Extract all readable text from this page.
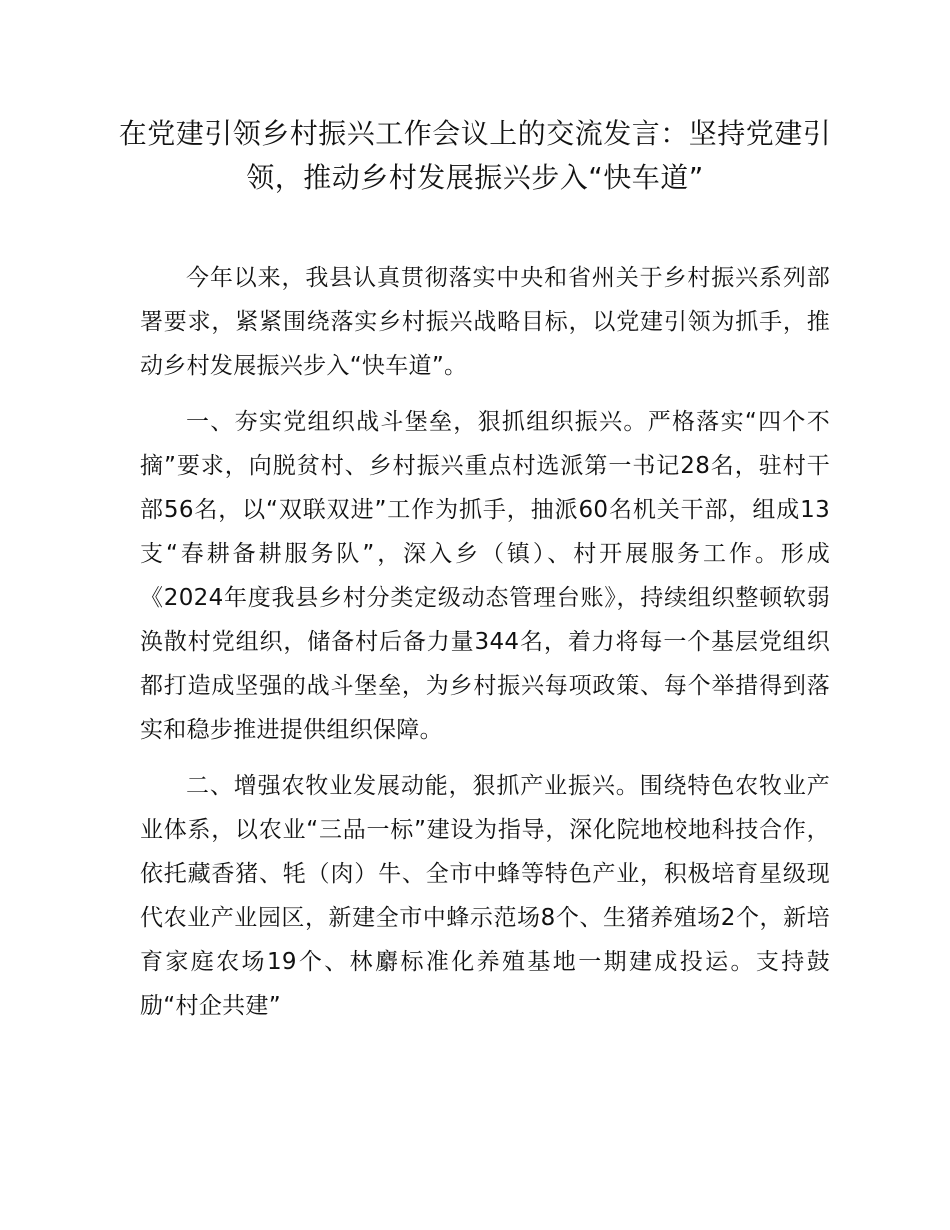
在党建引领乡村振兴工作会议上的交流发言：坚持党建引领，推动乡村发展振兴步入“快车道”

今年以来，我县认真贯彻落实中央和省州关于乡村振兴系列部署要求，紧紧围绕落实乡村振兴战略目标，以党建引领为抓手，推动乡村发展振兴步入“快车道”。

一、夯实党组织战斗堡垒，狠抓组织振兴。严格落实“四个不摘”要求，向脱贫村、乡村振兴重点村选派第一书记28名，驻村干部56名，以“双联双进”工作为抓手，抽派60名机关干部，组成13支“春耕备耕服务队”，深入乡（镇）、村开展服务工作。形成《2024年度我县乡村分类定级动态管理台账》，持续组织整顿软弱涣散村党组织，储备村后备力量344名，着力将每一个基层党组织都打造成坚强的战斗堡垒，为乡村振兴每项政策、每个举措得到落实和稳步推进提供组织保障。

二、增强农牧业发展动能，狠抓产业振兴。围绕特色农牧业产业体系，以农业“三品一标”建设为指导，深化院地校地科技合作，依托藏香猪、牦（肉）牛、全市中蜂等特色产业，积极培育星级现代农业产业园区，新建全市中蜂示范场8个、生猪养殖场2个，新培育家庭农场19个、林麝标准化养殖基地一期建成投运。支持鼓励“村企共建”
